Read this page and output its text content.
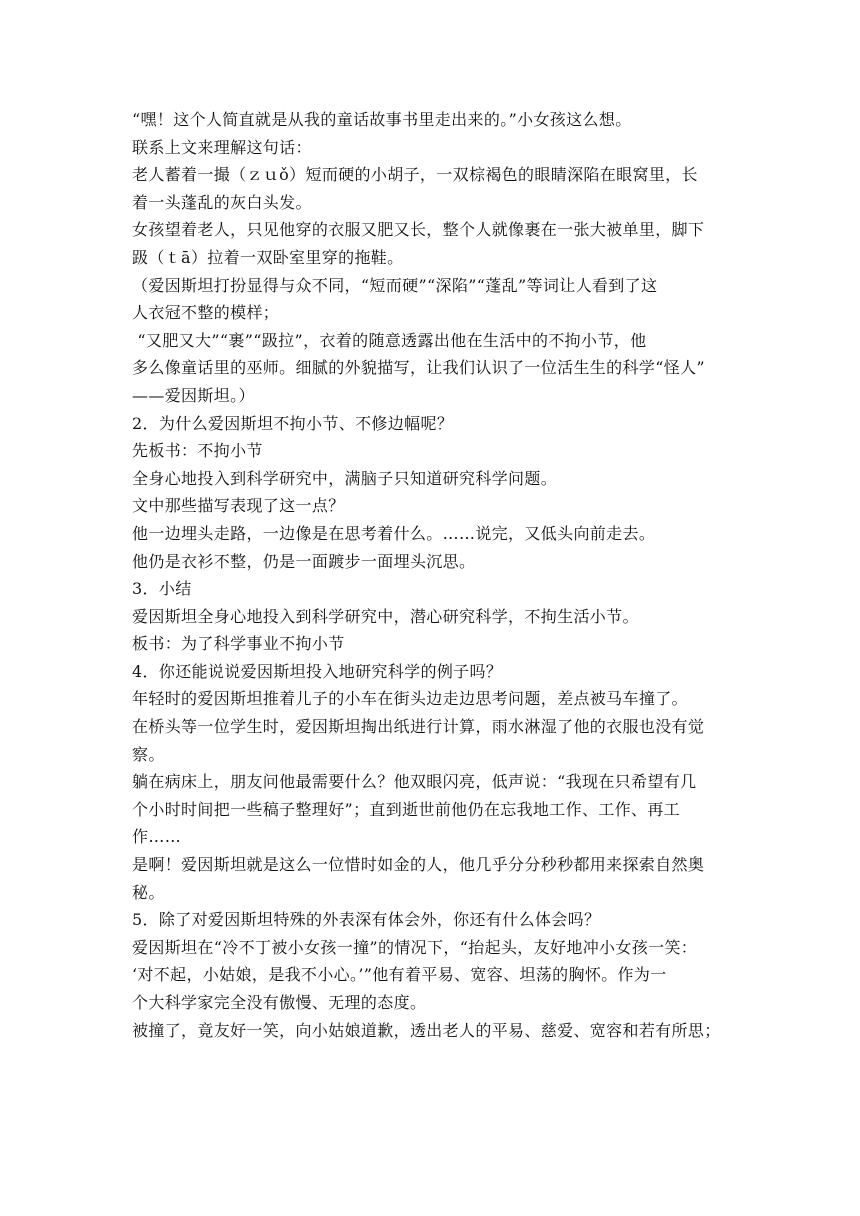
“嘿！这个人简直就是从我的童话故事书里走出来的。”小女孩这么想。
联系上文来理解这句话：
老人蓄着一撮（ｚｕǒ）短而硬的小胡子，一双棕褐色的眼睛深陷在眼窝里，长
着一头蓬乱的灰白头发。
女孩望着老人，只见他穿的衣服又肥又长，整个人就像裹在一张大被单里，脚下
趿（ｔā）拉着一双卧室里穿的拖鞋。
（爱因斯坦打扮显得与众不同，“短而硬”“深陷”“蓬乱”等词让人看到了这
人衣冠不整的模样；
“又肥又大”“裹”“趿拉”，衣着的随意透露出他在生活中的不拘小节，他
多么像童话里的巫师。细腻的外貌描写，让我们认识了一位活生生的科学“怪人”
——爱因斯坦。）
2．为什么爱因斯坦不拘小节、不修边幅呢？
先板书：不拘小节
全身心地投入到科学研究中，满脑子只知道研究科学问题。
文中那些描写表现了这一点？
他一边埋头走路，一边像是在思考着什么。……说完，又低头向前走去。
他仍是衣衫不整，仍是一面踱步一面埋头沉思。
3．小结
爱因斯坦全身心地投入到科学研究中，潜心研究科学，不拘生活小节。
板书：为了科学事业不拘小节
4．你还能说说爱因斯坦投入地研究科学的例子吗？
年轻时的爱因斯坦推着儿子的小车在街头边走边思考问题，差点被马车撞了。
在桥头等一位学生时，爱因斯坦掏出纸进行计算，雨水淋湿了他的衣服也没有觉
察。
躺在病床上，朋友问他最需要什么？他双眼闪亮，低声说：“我现在只希望有几
个小时时间把一些稿子整理好”；直到逝世前他仍在忘我地工作、工作、再工
作……
是啊！爱因斯坦就是这么一位惜时如金的人，他几乎分分秒秒都用来探索自然奥
秘。
5．除了对爱因斯坦特殊的外表深有体会外，你还有什么体会吗？
爱因斯坦在“冷不丁被小女孩一撞”的情况下，“抬起头，友好地冲小女孩一笑：
‘对不起，小姑娘，是我不小心。’”他有着平易、宽容、坦荡的胸怀。作为一
个大科学家完全没有傲慢、无理的态度。
被撞了，竟友好一笑，向小姑娘道歉，透出老人的平易、慈爱、宽容和若有所思；
